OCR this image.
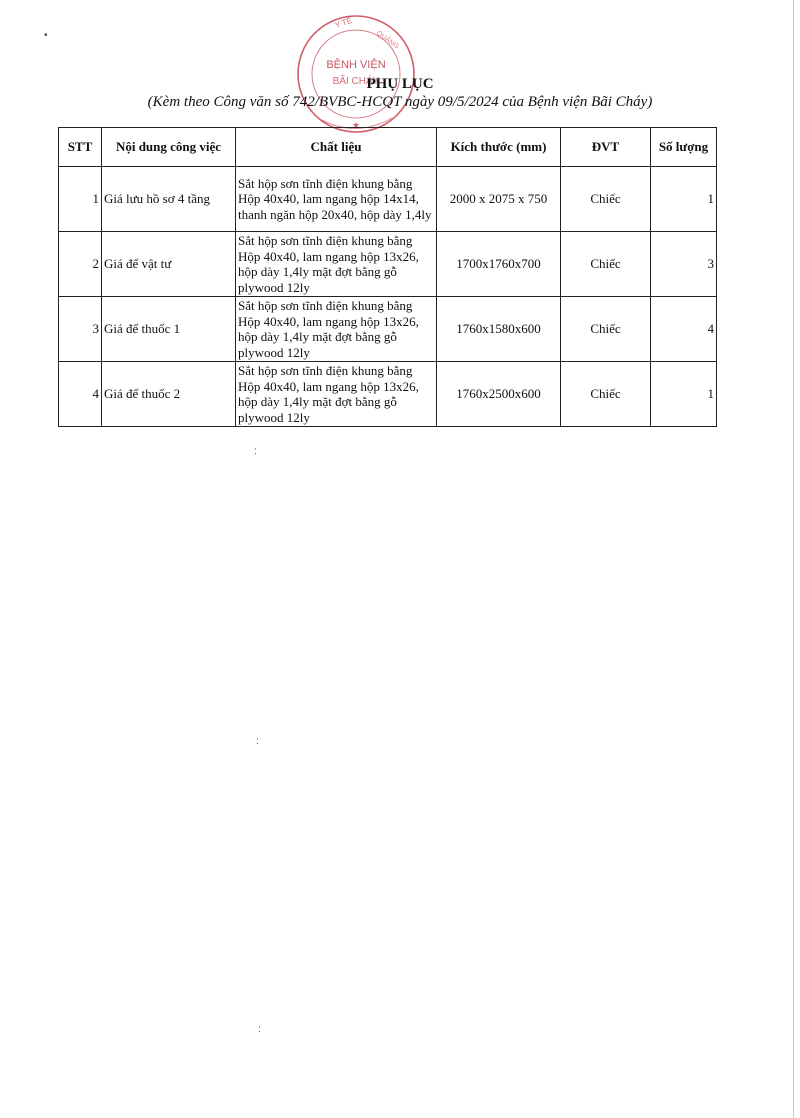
Y TẾ
QUẢNG
BỆNH VIỆN
BÃI CHÁY
★
PHỤ LỤC
(Kèm theo Công văn số 742/BVBC-HCQT ngày 09/5/2024 của Bệnh viện Bãi Cháy)
STT	Nội dung công việc	Chất liệu	Kích thước (mm)	ĐVT	Số lượng
1	Giá lưu hồ sơ 4 tầng	Sắt hộp sơn tĩnh điện khung bằng Hộp 40x40, lam ngang hộp 14x14, thanh ngăn hộp 20x40, hộp dày 1,4ly	2000 x 2075 x 750	Chiếc	1
2	Giá để vật tư	Sắt hộp sơn tĩnh điện khung bằng Hộp 40x40, lam ngang hộp 13x26, hộp dày 1,4ly mặt đợt bằng gỗ plywood 12ly	1700x1760x700	Chiếc	3
3	Giá để thuốc 1	Sắt hộp sơn tĩnh điện khung bằng Hộp 40x40, lam ngang hộp 13x26, hộp dày 1,4ly mặt đợt bằng gỗ plywood 12ly	1760x1580x600	Chiếc	4
4	Giá để thuốc 2	Sắt hộp sơn tĩnh điện khung bằng Hộp 40x40, lam ngang hộp 13x26, hộp dày 1,4ly mặt đợt bằng gỗ plywood 12ly	1760x2500x600	Chiếc	1
•
:
:
:
